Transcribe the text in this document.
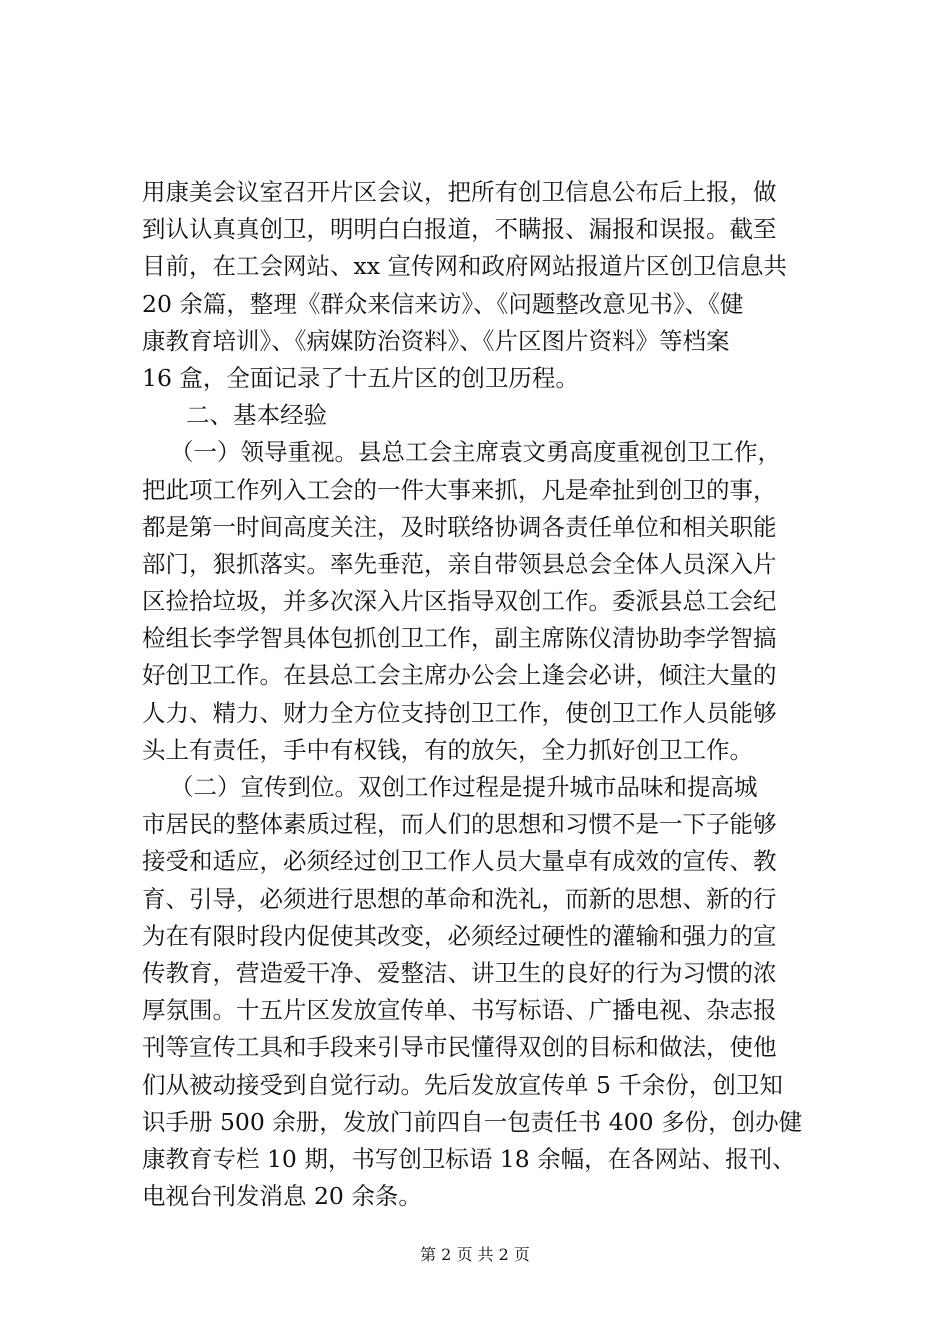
用康美会议室召开片区会议，把所有创卫信息公布后上报，做
到认认真真创卫，明明白白报道，不瞒报、漏报和误报。截至
目前，在工会网站、xx 宣传网和政府网站报道片区创卫信息共
20 余篇，整理《群众来信来访》、《问题整改意见书》、《健
康教育培训》、《病媒防治资料》、《片区图片资料》等档案
16 盒，全面记录了十五片区的创卫历程。
二、基本经验
（一）领导重视。县总工会主席袁文勇高度重视创卫工作，
把此项工作列入工会的一件大事来抓，凡是牵扯到创卫的事，
都是第一时间高度关注，及时联络协调各责任单位和相关职能
部门，狠抓落实。率先垂范，亲自带领县总会全体人员深入片
区捡拾垃圾，并多次深入片区指导双创工作。委派县总工会纪
检组长李学智具体包抓创卫工作，副主席陈仪清协助李学智搞
好创卫工作。在县总工会主席办公会上逢会必讲，倾注大量的
人力、精力、财力全方位支持创卫工作，使创卫工作人员能够
头上有责任，手中有权钱，有的放矢，全力抓好创卫工作。
（二）宣传到位。双创工作过程是提升城市品味和提高城
市居民的整体素质过程，而人们的思想和习惯不是一下子能够
接受和适应，必须经过创卫工作人员大量卓有成效的宣传、教
育、引导，必须进行思想的革命和洗礼，而新的思想、新的行
为在有限时段内促使其改变，必须经过硬性的灌输和强力的宣
传教育，营造爱干净、爱整洁、讲卫生的良好的行为习惯的浓
厚氛围。十五片区发放宣传单、书写标语、广播电视、杂志报
刊等宣传工具和手段来引导市民懂得双创的目标和做法，使他
们从被动接受到自觉行动。先后发放宣传单 5 千余份，创卫知
识手册 500 余册，发放门前四自一包责任书 400 多份，创办健
康教育专栏 10 期，书写创卫标语 18 余幅，在各网站、报刊、
电视台刊发消息 20 余条。
第 2 页 共 2 页
